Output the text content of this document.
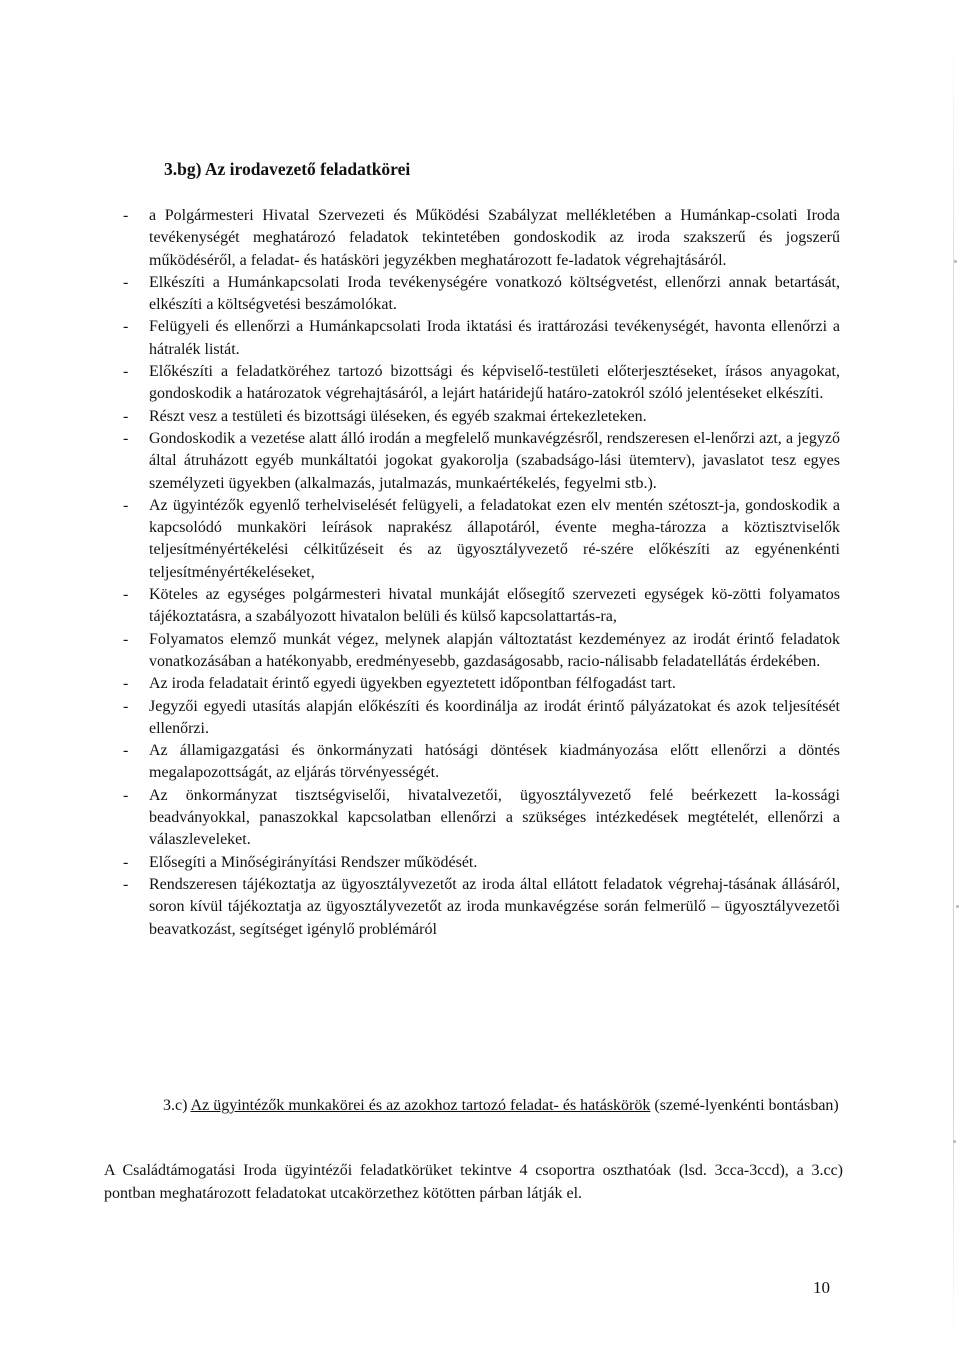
3.bg) Az irodavezető feladatkörei
- a Polgármesteri Hivatal Szervezeti és Működési Szabályzat mellékletében a Humánkap-csolati Iroda tevékenységét meghatározó feladatok tekintetében gondoskodik az iroda szakszerű és jogszerű működéséről, a feladat- és hatásköri jegyzékben meghatározott fe-ladatok végrehajtásáról.
- Elkészíti a Humánkapcsolati Iroda tevékenységére vonatkozó költségvetést, ellenőrzi annak betartását, elkészíti a költségvetési beszámolókat.
- Felügyeli és ellenőrzi a Humánkapcsolati Iroda iktatási és irattározási tevékenységét, havonta ellenőrzi a hátralék listát.
- Előkészíti a feladatköréhez tartozó bizottsági és képviselő-testületi előterjesztéseket, írásos anyagokat, gondoskodik a határozatok végrehajtásáról, a lejárt határidejű határo-zatokról szóló jelentéseket elkészíti.
- Részt vesz a testületi és bizottsági üléseken, és egyéb szakmai értekezleteken.
- Gondoskodik a vezetése alatt álló irodán a megfelelő munkavégzésről, rendszeresen el-lenőrzi azt, a jegyző által átruházott egyéb munkáltatói jogokat gyakorolja (szabadságo-lási ütemterv), javaslatot tesz egyes személyzeti ügyekben (alkalmazás, jutalmazás, munkaértékelés, fegyelmi stb.).
- Az ügyintézők egyenlő terhelviselését felügyeli, a feladatokat ezen elv mentén szétoszt-ja, gondoskodik a kapcsolódó munkaköri leírások naprakész állapotáról, évente megha-tározza a köztisztviselők teljesítményértékelési célkitűzéseit és az ügyosztályvezető ré-szére előkészíti az egyénenkénti teljesítményértékeléseket,
- Köteles az egységes polgármesteri hivatal munkáját elősegítő szervezeti egységek kö-zötti folyamatos tájékoztatásra, a szabályozott hivatalon belüli és külső kapcsolattartás-ra,
- Folyamatos elemző munkát végez, melynek alapján változtatást kezdeményez az irodát érintő feladatok vonatkozásában a hatékonyabb, eredményesebb, gazdaságosabb, racio-nálisabb feladatellátás érdekében.
- Az iroda feladatait érintő egyedi ügyekben egyeztetett időpontban félfogadást tart.
- Jegyzői egyedi utasítás alapján előkészíti és koordinálja az irodát érintő pályázatokat és azok teljesítését ellenőrzi.
- Az államigazgatási és önkormányzati hatósági döntések kiadmányozása előtt ellenőrzi a döntés megalapozottságát, az eljárás törvényességét.
- Az önkormányzat tisztségviselői, hivatalvezetői, ügyosztályvezető felé beérkezett la-kossági beadványokkal, panaszokkal kapcsolatban ellenőrzi a szükséges intézkedések megtételét, ellenőrzi a válaszleveleket.
- Elősegíti a Minőségirányítási Rendszer működését.
- Rendszeresen tájékoztatja az ügyosztályvezetőt az iroda által ellátott feladatok végrehaj-tásának állásáról, soron kívül tájékoztatja az ügyosztályvezetőt az iroda munkavégzése során felmerülő – ügyosztályvezetői beavatkozást, segítséget igénylő problémáról

3.c) Az ügyintézők munkakörei és az azokhoz tartozó feladat- és hatáskörök (szemé-lyenkénti bontásban)

A Családtámogatási Iroda ügyintézői feladatkörüket tekintve 4 csoportra oszthatóak (lsd. 3cca-3ccd), a 3.cc) pontban meghatározott feladatokat utcakörzethez kötötten párban látják el.

10
